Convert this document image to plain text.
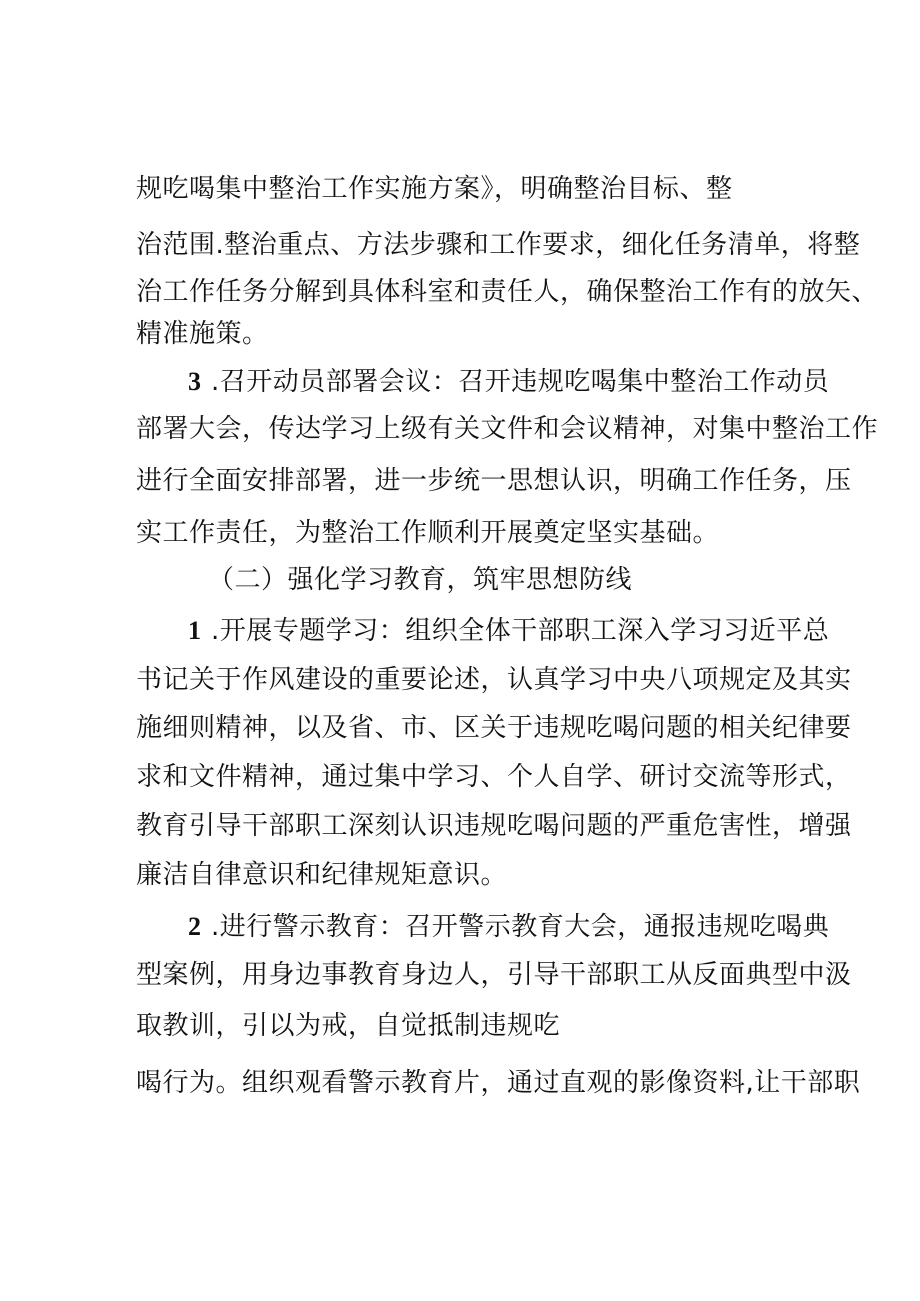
规吃喝集中整治工作实施方案》，明确整治目标、整
治范围.整治重点、方法步骤和工作要求，细化任务清单，将整
治工作任务分解到具体科室和责任人，确保整治工作有的放矢、
精准施策。
3 .召开动员部署会议：召开违规吃喝集中整治工作动员
部署大会，传达学习上级有关文件和会议精神，对集中整治工作
进行全面安排部署，进一步统一思想认识，明确工作任务，压
实工作责任，为整治工作顺利开展奠定坚实基础。
（二）强化学习教育，筑牢思想防线
1 .开展专题学习：组织全体干部职工深入学习习近平总
书记关于作风建设的重要论述，认真学习中央八项规定及其实
施细则精神，以及省、市、区关于违规吃喝问题的相关纪律要
求和文件精神，通过集中学习、个人自学、研讨交流等形式，
教育引导干部职工深刻认识违规吃喝问题的严重危害性，增强
廉洁自律意识和纪律规矩意识。
2 .进行警示教育：召开警示教育大会，通报违规吃喝典
型案例，用身边事教育身边人，引导干部职工从反面典型中汲
取教训，引以为戒，自觉抵制违规吃
喝行为。组织观看警示教育片，通过直观的影像资料,让干部职
